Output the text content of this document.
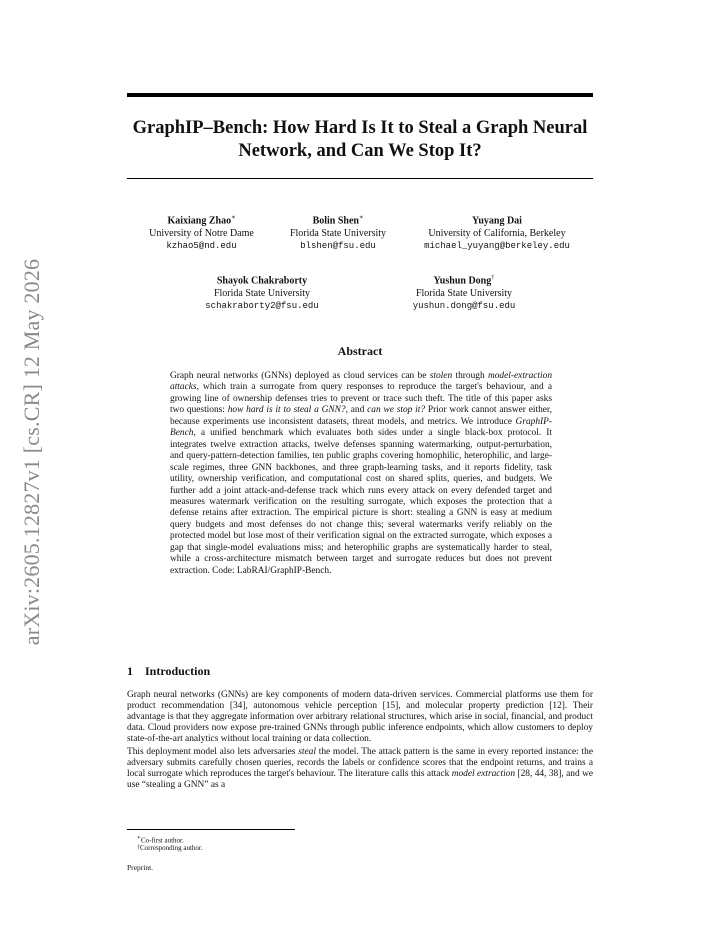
arXiv:2605.12827v1 [cs.CR] 12 May 2026
GraphIP–Bench: How Hard Is It to Steal a Graph Neural Network, and Can We Stop It?
Kaixiang Zhao∗
University of Notre Dame
kzhao5@nd.edu
Bolin Shen∗
Florida State University
blshen@fsu.edu
Yuyang Dai
University of California, Berkeley
michael_yuyang@berkeley.edu
Shayok Chakraborty
Florida State University
schakraborty2@fsu.edu
Yushun Dong†
Florida State University
yushun.dong@fsu.edu
Abstract
Graph neural networks (GNNs) deployed as cloud services can be stolen through model-extraction attacks, which train a surrogate from query responses to reproduce the target's behaviour, and a growing line of ownership defenses tries to prevent or trace such theft. The title of this paper asks two questions: how hard is it to steal a GNN?, and can we stop it? Prior work cannot answer either, because experiments use inconsistent datasets, threat models, and metrics. We introduce GraphIP-Bench, a unified benchmark which evaluates both sides under a single black-box protocol. It integrates twelve extraction attacks, twelve defenses spanning watermarking, output-perturbation, and query-pattern-detection families, ten public graphs covering homophilic, heterophilic, and large-scale regimes, three GNN backbones, and three graph-learning tasks, and it reports fidelity, task utility, ownership verification, and computational cost on shared splits, queries, and budgets. We further add a joint attack-and-defense track which runs every attack on every defended target and measures watermark verification on the resulting surrogate, which exposes the protection that a defense retains after extraction. The empirical picture is short: stealing a GNN is easy at medium query budgets and most defenses do not change this; several watermarks verify reliably on the protected model but lose most of their verification signal on the extracted surrogate, which exposes a gap that single-model evaluations miss; and heterophilic graphs are systematically harder to steal, while a cross-architecture mismatch between target and surrogate reduces but does not prevent extraction. Code: LabRAI/GraphIP-Bench.
1 Introduction
Graph neural networks (GNNs) are key components of modern data-driven services. Commercial platforms use them for product recommendation [34], autonomous vehicle perception [15], and molecular property prediction [12]. Their advantage is that they aggregate information over arbitrary relational structures, which arise in social, financial, and product data. Cloud providers now expose pre-trained GNNs through public inference endpoints, which allow customers to deploy state-of-the-art analytics without local training or data collection.
This deployment model also lets adversaries steal the model. The attack pattern is the same in every reported instance: the adversary submits carefully chosen queries, records the labels or confidence scores that the endpoint returns, and trains a local surrogate which reproduces the target's behaviour. The literature calls this attack model extraction [28, 44, 38], and we use “stealing a GNN” as a
∗Co-first author.
†Corresponding author.
Preprint.
